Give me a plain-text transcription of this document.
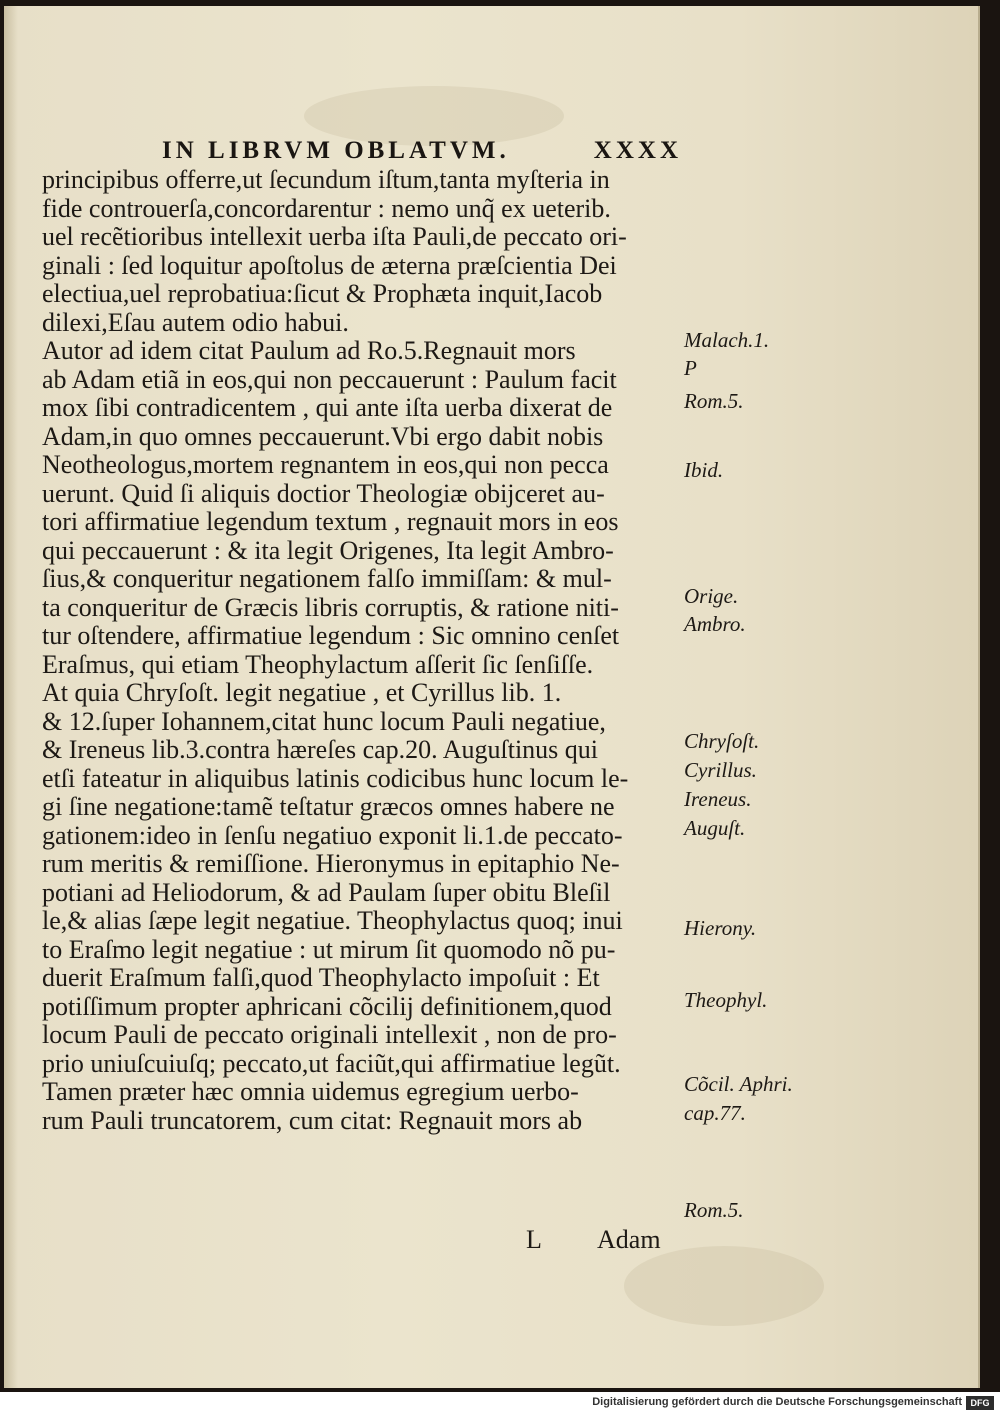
IN LIBRVM OBLATVM.	XXXX
principibus offerre,ut ſecundum iſtum,tanta myſteria in
fide controuerſa,concordarentur : nemo unq̃ ex ueterib.
uel recẽtioribus intellexit uerba iſta Pauli,de peccato ori-
ginali : ſed loquitur apoſtolus de æterna præſcientia Dei
electiua,uel reprobatiua:ſicut & Prophæta inquit,Iacob
dilexi,Eſau autem odio habui.
Autor ad idem citat Paulum ad Ro.5.Regnauit mors
ab Adam etiã in eos,qui non peccauerunt : Paulum facit
mox ſibi contradicentem , qui ante iſta uerba dixerat de
Adam,in quo omnes peccauerunt.Vbi ergo dabit nobis
Neotheologus,mortem regnantem in eos,qui non pecca
uerunt. Quid ſi aliquis doctior Theologiæ obijceret au-
tori affirmatiue legendum textum , regnauit mors in eos
qui peccauerunt : & ita legit Origenes, Ita legit Ambro-
ſius,& conqueritur negationem falſo immiſſam: & mul-
ta conqueritur de Græcis libris corruptis, & ratione niti-
tur oſtendere, affirmatiue legendum : Sic omnino cenſet
Eraſmus, qui etiam Theophylactum aſſerit ſic ſenſiſſe.
At quia Chryſoſt. legit negatiue , et Cyrillus lib. 1.
& 12.ſuper Iohannem,citat hunc locum Pauli negatiue,
& Ireneus lib.3.contra hæreſes cap.20. Auguſtinus qui
etſi fateatur in aliquibus latinis codicibus hunc locum le-
gi ſine negatione:tamẽ teſtatur græcos omnes habere ne
gationem:ideo in ſenſu negatiuo exponit li.1.de peccato-
rum meritis & remiſſione. Hieronymus in epitaphio Ne-
potiani ad Heliodorum, & ad Paulam ſuper obitu Bleſil
le,& alias ſæpe legit negatiue. Theophylactus quoq; inui
to Eraſmo legit negatiue : ut mirum ſit quomodo nõ pu-
duerit Eraſmum falſi,quod Theophylacto impoſuit : Et
potiſſimum propter aphricani cõcilij definitionem,quod
locum Pauli de peccato originali intellexit , non de pro-
prio uniuſcuiuſq; peccato,ut faciũt,qui affirmatiue legũt.
Tamen præter hæc omnia uidemus egregium uerbo-
rum Pauli truncatorem, cum citat: Regnauit mors ab
Malach.1.
P
Rom.5.
Ibid.
Orige.
Ambro.
Chryſoſt.
Cyrillus.
Ireneus.
Auguſt.
Hierony.
Theophyl.
Cõcil. Aphri.
cap.77.
Rom.5.
L Adam
Digitalisierung gefördert durch die Deutsche Forschungsgemeinschaft DFG
